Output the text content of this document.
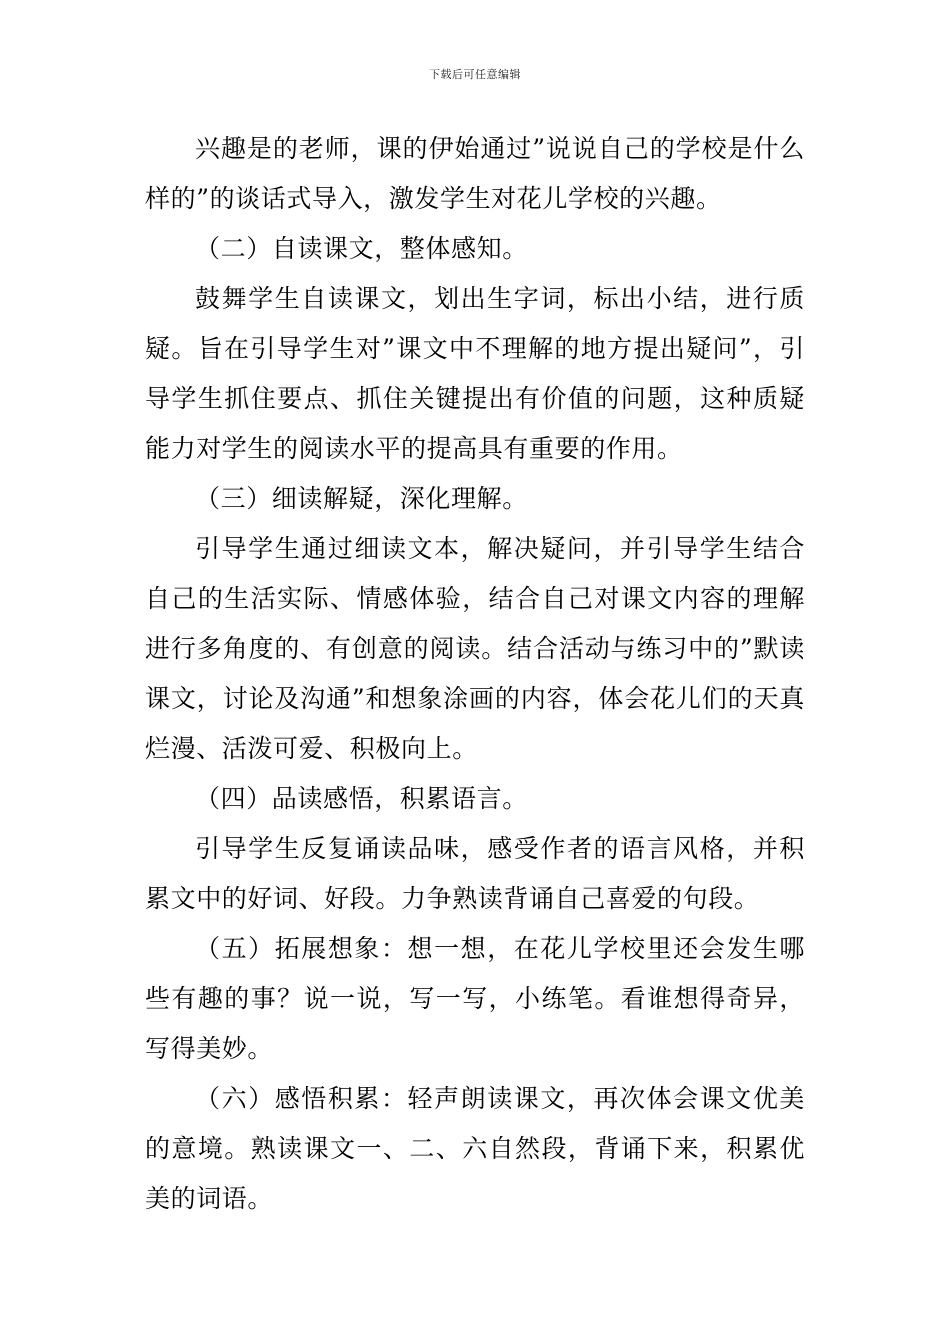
下载后可任意编辑

兴趣是的老师，课的伊始通过”说说自己的学校是什么样的”的谈话式导入，激发学生对花儿学校的兴趣。

（二）自读课文，整体感知。

鼓舞学生自读课文，划出生字词，标出小结，进行质疑。旨在引导学生对”课文中不理解的地方提出疑问”，引导学生抓住要点、抓住关键提出有价值的问题，这种质疑能力对学生的阅读水平的提高具有重要的作用。

（三）细读解疑，深化理解。

引导学生通过细读文本，解决疑问，并引导学生结合自己的生活实际、情感体验，结合自己对课文内容的理解进行多角度的、有创意的阅读。结合活动与练习中的”默读课文，讨论及沟通”和想象涂画的内容，体会花儿们的天真烂漫、活泼可爱、积极向上。

（四）品读感悟，积累语言。

引导学生反复诵读品味，感受作者的语言风格，并积累文中的好词、好段。力争熟读背诵自己喜爱的句段。

（五）拓展想象：想一想，在花儿学校里还会发生哪些有趣的事？说一说，写一写，小练笔。看谁想得奇异，写得美妙。

（六）感悟积累：轻声朗读课文，再次体会课文优美的意境。熟读课文一、二、六自然段，背诵下来，积累优美的词语。
